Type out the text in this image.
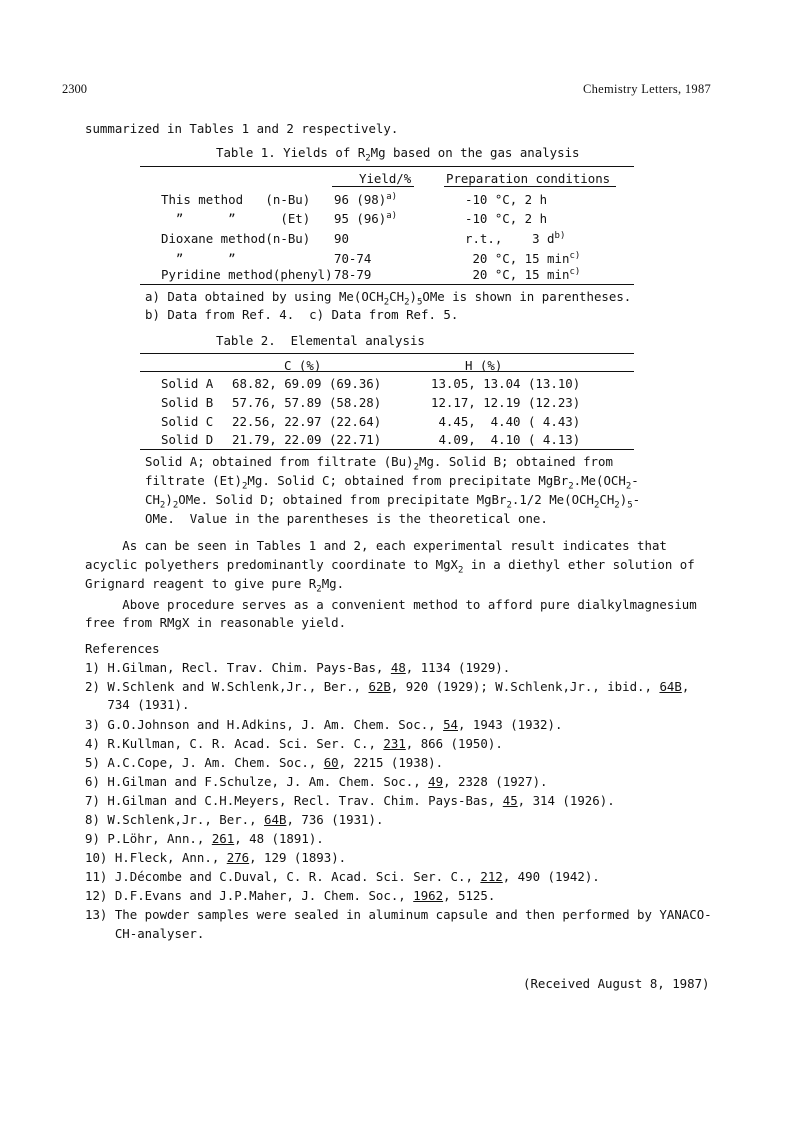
2300	Chemistry Letters, 1987
summarized in Tables 1 and 2 respectively.
Table 1. Yields of $R_2Mg$ based on the gas analysis
Yield/%	Preparation conditions
This method   (n-Bu) 96 $(98)^{a)}$	-10 °C, 2 h
”      ”      (Et) 95 $(96)^{a)}$	-10 °C, 2 h
Dioxane method(n-Bu) 90	r.t.,    3 $d^{b)}$
”      ”	70-74	20 °C, 15 $\min^{c)}$
Pyridine method(phenyl) 78-79	20 °C, 15 $\min^{c)}$
a) Data obtained by using $Me(OCH_2CH_2)_5OMe$ is shown in parentheses.
b) Data from Ref. 4.  c) Data from Ref. 5.
Table 2.  Elemental analysis
C (%)	H (%)
Solid A 68.82, 69.09 (69.36)	13.05, 13.04 (13.10)
Solid B 57.76, 57.89 (58.28)	12.17, 12.19 (12.23)
Solid C 22.56, 22.97 (22.64)	4.45,  4.40 ( 4.43)
Solid D 21.79, 22.09 (22.71)	4.09,  4.10 ( 4.13)
Solid A; obtained from filtrate $(Bu)_2Mg$. Solid B; obtained from
filtrate $(Et)_2Mg$. Solid C; obtained from precipitate $MgBr_2.Me(OCH_2-$
$CH_2)_2OMe$. Solid D; obtained from precipitate MgBr$_2$.1/2 $Me(OCH_2CH_2)_5-$
OMe.  Value in the parentheses is the theoretical one.
As can be seen in Tables 1 and 2, each experimental result indicates that
acyclic polyethers predominantly coordinate to MgX$_2$ in a diethyl ether solution of
Grignard reagent to give pure $R_2Mg$.
Above procedure serves as a convenient method to afford pure dialkylmagnesium
free from RMgX in reasonable yield.
References
1) H.Gilman, Recl. Trav. Chim. Pays-Bas, 48, 1134 (1929).
2) W.Schlenk and W.Schlenk,Jr., Ber., 62B, 920 (1929); W.Schlenk,Jr., ibid., 64B,
734 (1931).
3) G.O.Johnson and H.Adkins, J. Am. Chem. Soc., 54, 1943 (1932).
4) R.Kullman, C. R. Acad. Sci. Ser. C., 231, 866 (1950).
5) A.C.Cope, J. Am. Chem. Soc., 60, 2215 (1938).
6) H.Gilman and F.Schulze, J. Am. Chem. Soc., 49, 2328 (1927).
7) H.Gilman and C.H.Meyers, Recl. Trav. Chim. Pays-Bas, 45, 314 (1926).
8) W.Schlenk,Jr., Ber., 64B, 736 (1931).
9) P.Löhr, Ann., 261, 48 (1891).
10) H.Fleck, Ann., 276, 129 (1893).
11) J.Décombe and C.Duval, C. R. Acad. Sci. Ser. C., 212, 490 (1942).
12) D.F.Evans and J.P.Maher, J. Chem. Soc., 1962, 5125.
13) The powder samples were sealed in aluminum capsule and then performed by YANACO-
CH-analyser.
(Received August 8, 1987)
